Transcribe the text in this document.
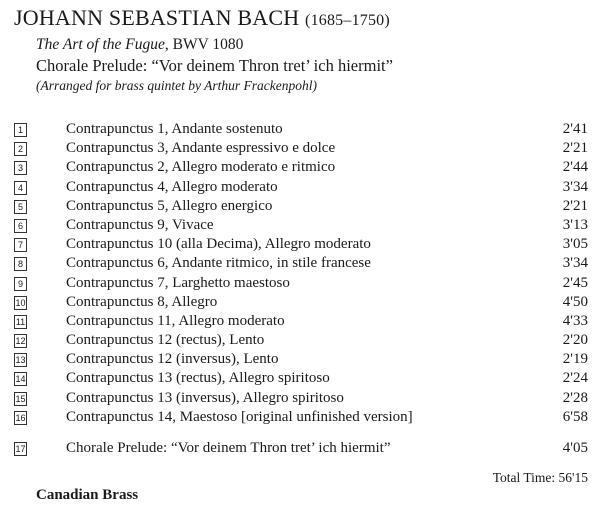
JOHANN SEBASTIAN BACH (1685–1750)
The Art of the Fugue, BWV 1080
Chorale Prelude: “Vor deinem Thron tret’ ich hiermit”
(Arranged for brass quintet by Arthur Frackenpohl)
1	Contrapunctus 1, Andante sostenuto	2'41
2	Contrapunctus 3, Andante espressivo e dolce	2'21
3	Contrapunctus 2, Allegro moderato e ritmico	2'44
4	Contrapunctus 4, Allegro moderato	3'34
5	Contrapunctus 5, Allegro energico	2'21
6	Contrapunctus 9, Vivace	3'13
7	Contrapunctus 10 (alla Decima), Allegro moderato	3'05
8	Contrapunctus 6, Andante ritmico, in stile francese	3'34
9	Contrapunctus 7, Larghetto maestoso	2'45
10	Contrapunctus 8, Allegro	4'50
11	Contrapunctus 11, Allegro moderato	4'33
12	Contrapunctus 12 (rectus), Lento	2'20
13	Contrapunctus 12 (inversus), Lento	2'19
14	Contrapunctus 13 (rectus), Allegro spiritoso	2'24
15	Contrapunctus 13 (inversus), Allegro spiritoso	2'28
16	Contrapunctus 14, Maestoso [original unfinished version]	6'58
17	Chorale Prelude: “Vor deinem Thron tret’ ich hiermit”	4'05
Total Time: 56'15
Canadian Brass
